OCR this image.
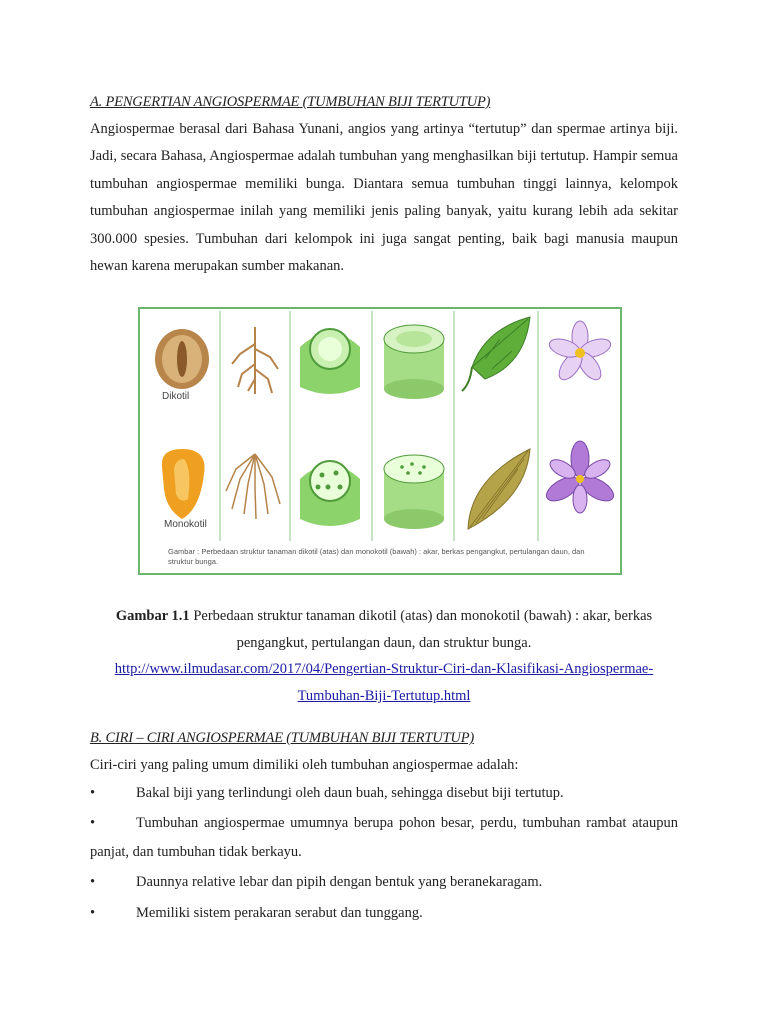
A. PENGERTIAN ANGIOSPERMAE (TUMBUHAN BIJI TERTUTUP)
Angiospermae berasal dari Bahasa Yunani, angios yang artinya “tertutup” dan spermae artinya biji. Jadi, secara Bahasa, Angiospermae adalah tumbuhan yang menghasilkan biji tertutup. Hampir semua tumbuhan angiospermae memiliki bunga. Diantara semua tumbuhan tinggi lainnya, kelompok tumbuhan angiospermae inilah yang memiliki jenis paling banyak, yaitu kurang lebih ada sekitar 300.000 spesies. Tumbuhan dari kelompok ini juga sangat penting, baik bagi manusia maupun hewan karena merupakan sumber makanan.
Dikotil
Monokotil
Gambar : Perbedaan struktur tanaman dikotil (atas) dan monokotil (bawah) : akar, berkas pengangkut, pertulangan daun, dan struktur bunga.
Gambar 1.1 Perbedaan struktur tanaman dikotil (atas) dan monokotil (bawah) : akar, berkas pengangkut, pertulangan daun, dan struktur bunga.
http://www.ilmudasar.com/2017/04/Pengertian-Struktur-Ciri-dan-Klasifikasi-Angiospermae-Tumbuhan-Biji-Tertutup.html
B. CIRI – CIRI ANGIOSPERMAE (TUMBUHAN BIJI TERTUTUP)
Ciri-ciri yang paling umum dimiliki oleh tumbuhan angiospermae adalah:
•	Bakal biji yang terlindungi oleh daun buah, sehingga disebut biji tertutup.
•	Tumbuhan angiospermae umumnya berupa pohon besar, perdu, tumbuhan rambat ataupun panjat, dan tumbuhan tidak berkayu.
•	Daunnya relative lebar dan pipih dengan bentuk yang beranekaragam.
•	Memiliki sistem perakaran serabut dan tunggang.
